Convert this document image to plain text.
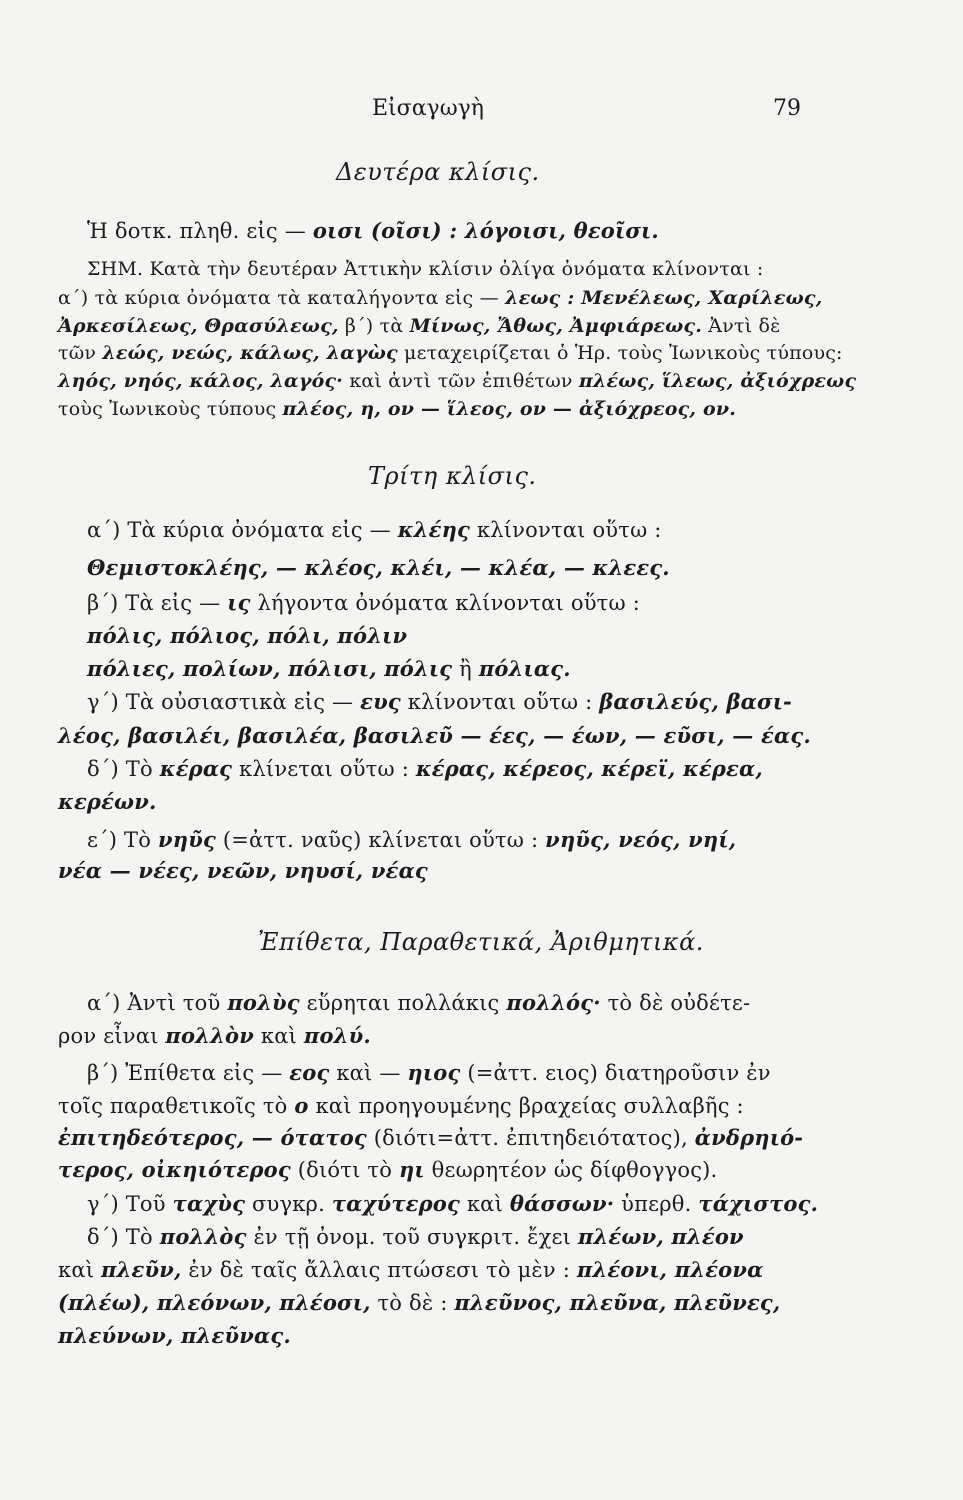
Εἰσαγωγὴ	79
Δευτέρα κλίσις.
Ἡ δοτκ. πληθ. εἰς — οισι (οῖσι) : λόγοισι, θεοῖσι.
ΣΗΜ. Κατὰ τὴν δευτέραν Ἀττικὴν κλίσιν ὀλίγα ὀνόματα κλίνονται :
α΄) τὰ κύρια ὀνόματα τὰ καταλήγοντα εἰς — λεως : Μενέλεως, Χαρίλεως,
Ἀρκεσίλεως, Θρασύλεως, β΄) τὰ Μίνως, Ἄθως, Ἀμφιάρεως. Ἀντὶ δὲ
τῶν λεώς, νεώς, κάλως, λαγὼς μεταχειρίζεται ὁ Ἡρ. τοὺς Ἰωνικοὺς τύπους:
ληός, νηός, κάλος, λαγός· καὶ ἀντὶ τῶν ἐπιθέτων πλέως, ἵλεως, ἀξιόχρεως
τοὺς Ἰωνικοὺς τύπους πλέος, η, ον — ἵλεος, ον — ἀξιόχρεος, ον.
Τρίτη κλίσις.
α΄) Τὰ κύρια ὀνόματα εἰς — κλέης κλίνονται οὕτω :
Θεμιστοκλέης, — κλέος, κλέι, — κλέα, — κλεες.
β΄) Τὰ εἰς — ις λήγοντα ὀνόματα κλίνονται οὕτω :
πόλις, πόλιος, πόλι, πόλιν
πόλιες, πολίων, πόλισι, πόλις ἢ πόλιας.
γ΄) Τὰ οὐσιαστικὰ εἰς — ευς κλίνονται οὕτω : βασιλεύς, βασι-
λέος, βασιλέι, βασιλέα, βασιλεῦ — έες, — έων, — εῦσι, — έας.
δ΄) Τὸ κέρας κλίνεται οὕτω : κέρας, κέρεος, κέρεϊ, κέρεα,
κερέων.
ε΄) Τὸ νηῦς (=ἀττ. ναῦς) κλίνεται οὕτω : νηῦς, νεός, νηί,
νέα — νέες, νεῶν, νηυσί, νέας
Ἐπίθετα, Παραθετικά, Ἀριθμητικά.
α΄) Ἀντὶ τοῦ πολὺς εὕρηται πολλάκις πολλός· τὸ δὲ οὐδέτε-
ρον εἶναι πολλὸν καὶ πολύ.
β΄) Ἐπίθετα εἰς — εος καὶ — ηιος (=ἀττ. ειος) διατηροῦσιν ἐν
τοῖς παραθετικοῖς τὸ ο καὶ προηγουμένης βραχείας συλλαβῆς :
ἐπιτηδεότερος, — ότατος (διότι=ἀττ. ἐπιτηδειότατος), ἀνδρηιό-
τερος, οἰκηιότερος (διότι τὸ ηι θεωρητέον ὡς δίφθογγος).
γ΄) Τοῦ ταχὺς συγκρ. ταχύτερος καὶ θάσσων· ὑπερθ. τάχιστος.
δ΄) Τὸ πολλὸς ἐν τῇ ὀνομ. τοῦ συγκριτ. ἔχει πλέων, πλέον
καὶ πλεῦν, ἐν δὲ ταῖς ἄλλαις πτώσεσι τὸ μὲν : πλέονι, πλέονα
(πλέω), πλεόνων, πλέοσι, τὸ δὲ : πλεῦνος, πλεῦνα, πλεῦνες,
πλεύνων, πλεῦνας.
